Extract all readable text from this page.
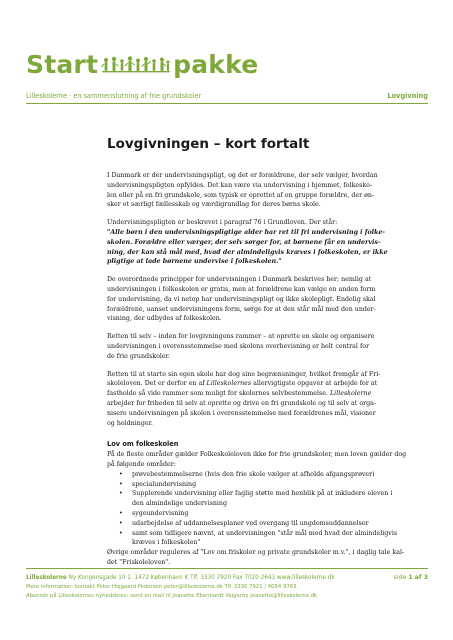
Start	pakke
Lilleskolerne · en sammenslutning af frie grundskoler	Lovgivning
Lovgivningen – kort fortalt

I Danmark er der undervisningspligt, og det er forældrene, der selv vælger, hvordan
undervisningspligten opfyldes. Det kan være via undervisning i hjemmet, folkesko-
len eller på en fri grundskole, som typisk er oprettet af en gruppe forældre, der øn-
sker et særligt fællesskab og værdigrundlag for deres børns skole.

Undervisningspligten er beskrevet i paragraf 76 i Grundloven. Der står:
"Alle børn i den undervisningspligtige alder har ret til fri undervisning i folke-
skolen. Forældre eller værger, der selv sørger for, at børnene får en undervis-
ning, der kan stå mål med, hvad der almindeligvis kræves i folkeskolen, er ikke
pligtige at lade børnene undervise i folkeskolen."

De overordnede principper for undervisningen i Danmark beskrives her; nemlig at
undervisningen i folkeskolen er gratis, men at forældrene kan vælge en anden form
for undervisning, da vi netop har undervisningspligt og ikke skolepligt. Endelig skal
forældrene, uanset undervisningens form, sørge for at den står mål med den under-
visning, der udbydes af folkeskolen.

Retten til selv – inden for lovgivningens rammer – at oprette en skole og organisere
undervisningen i overensstemmelse med skolens overbevisning er helt central for
de frie grundskoler.

Retten til at starte sin egen skole har dog sine begrænsninger, hvilket fremgår af Fri-
skoleloven. Det er derfor en af Lilleskolernes allervigtigste opgaver at arbejde for at
fastholde så vide rammer som muligt for skolernes selvbestemmelse. Lilleskolerne
arbejder for friheden til selv at oprette og drive en fri grundskole og til selv at orga-
nisere undervisningen på skolen i overensstemmelse med forældrenes mål, visioner
og holdninger.

Lov om folkeskolen
På de fleste områder gælder Folkeskoleloven ikke for frie grundskoler, men loven gælder dog
på følgende områder:
• prøvebestemmelserne (hvis den frie skole vælger at afholde afgangsprøver)
• specialundervisning
• Supplerende undervisning eller faglig støtte med henblik på at inkludere eleven i
den almindelige undervisning
• sygeundervisning
• udarbejdelse af uddannelsesplaner ved overgang til ungdomsuddannelser
• samt som tidligere nævnt, at undervisningen "står mål med hvad der almindeligvis
kræves i folkeskolen"
Øvrige områder reguleres af "Lov om friskoler og private grundskoler m.v.", i daglig tale kal-
det "Friskoleloven".
Lilleskolerne Ny Kongensgade 10 1. 1472 København K Tlf. 3330 7920 Fax 7020 2643 www.lilleskolerne.dk	side 1 af 3
Mere information: kontakt Peter Hojgaard Pedersen peter@lilleskolerne.dk Tlf. 3330 7921 / 4054 9763.
Abonnér på Lilleskolernes nyhedsbrev: send en mail til Jeanette Ebenhardt Vejgerby jeanette@lilleskolerne.dk
